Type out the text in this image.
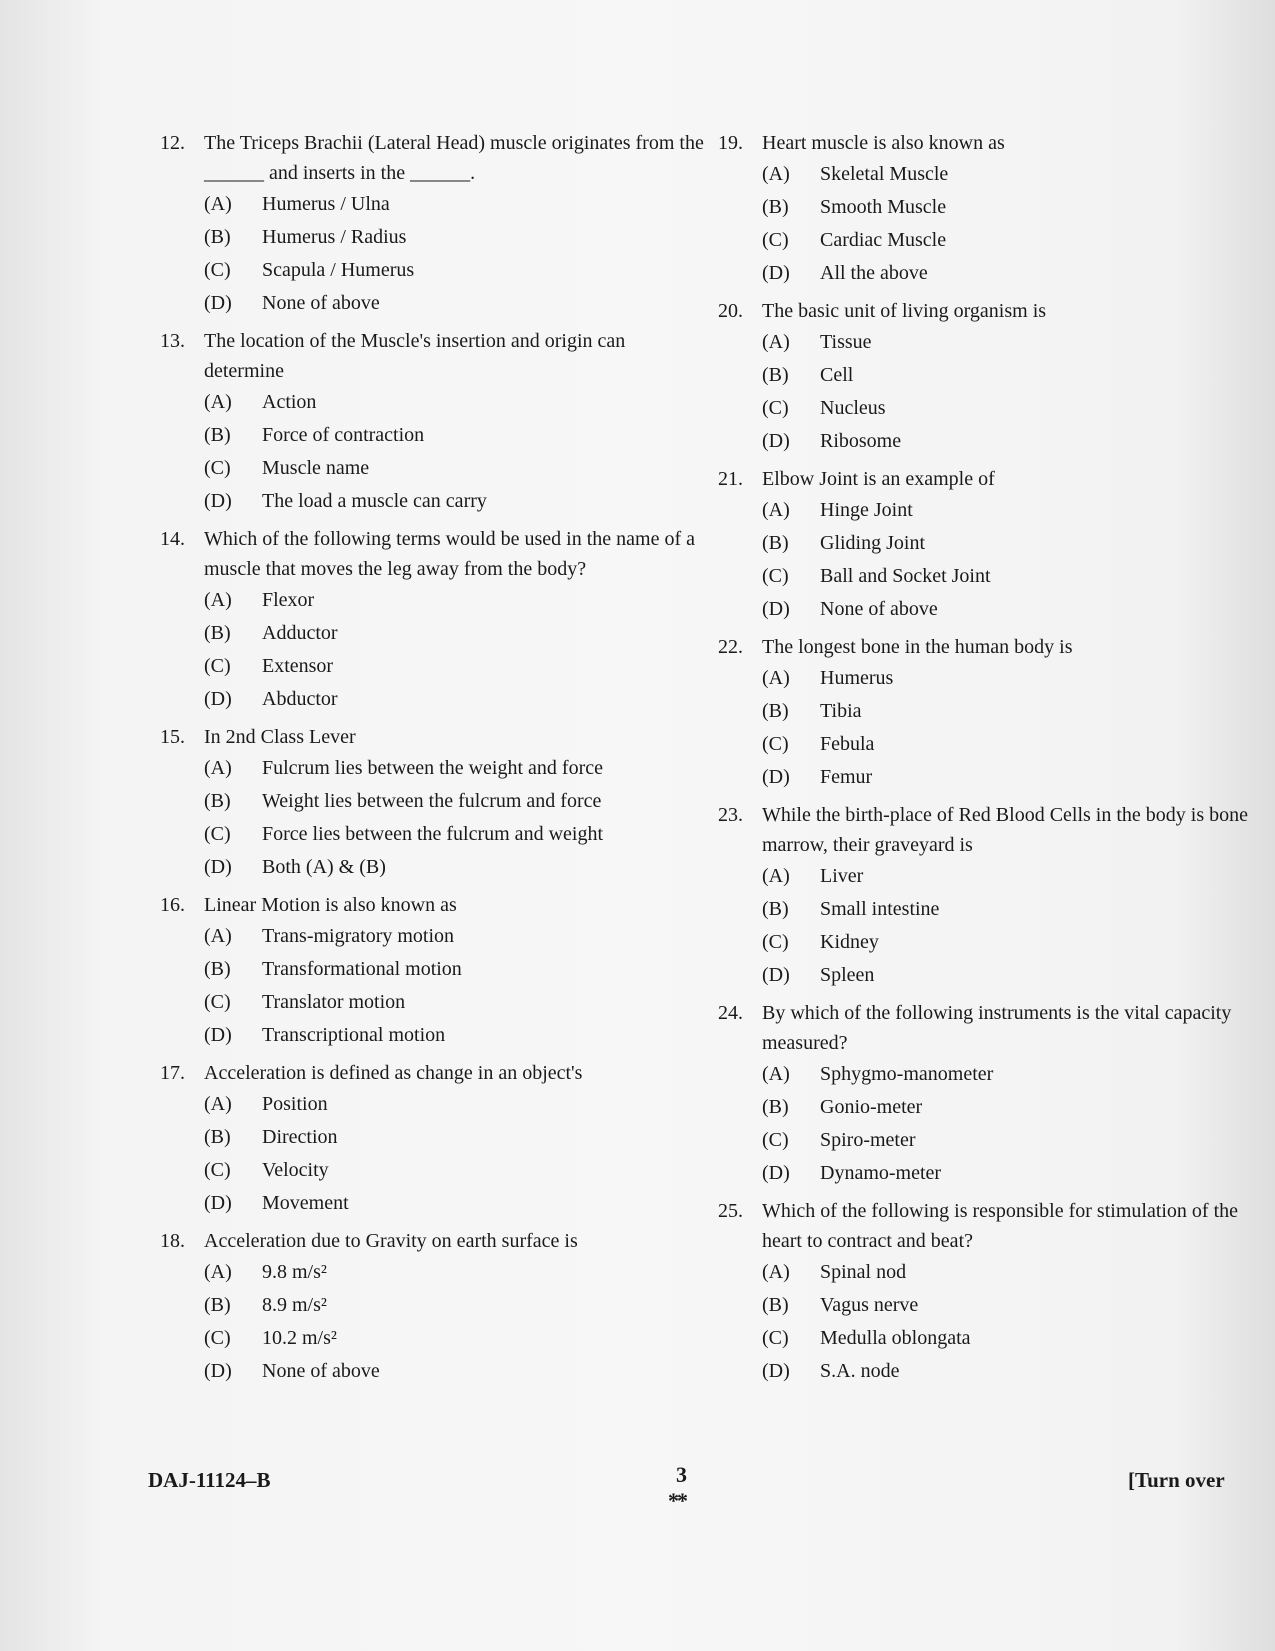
12. The Triceps Brachii (Lateral Head) muscle originates from the ______ and inserts in the ______.
(A)	Humerus / Ulna
(B)	Humerus / Radius
(C)	Scapula / Humerus
(D)	None of above
13. The location of the Muscle's insertion and origin can determine
(A)	Action
(B)	Force of contraction
(C)	Muscle name
(D)	The load a muscle can carry
14. Which of the following terms would be used in the name of a muscle that moves the leg away from the body?
(A)	Flexor
(B)	Adductor
(C)	Extensor
(D)	Abductor
15. In 2nd Class Lever
(A)	Fulcrum lies between the weight and force
(B)	Weight lies between the fulcrum and force
(C)	Force lies between the fulcrum and weight
(D)	Both (A) & (B)
16. Linear Motion is also known as
(A)	Trans-migratory motion
(B)	Transformational motion
(C)	Translator motion
(D)	Transcriptional motion
17. Acceleration is defined as change in an object's
(A)	Position
(B)	Direction
(C)	Velocity
(D)	Movement
18. Acceleration due to Gravity on earth surface is
(A)	9.8 m/s²
(B)	8.9 m/s²
(C)	10.2 m/s²
(D)	None of above
19. Heart muscle is also known as
(A)	Skeletal Muscle
(B)	Smooth Muscle
(C)	Cardiac Muscle
(D)	All the above
20. The basic unit of living organism is
(A)	Tissue
(B)	Cell
(C)	Nucleus
(D)	Ribosome
21. Elbow Joint is an example of
(A)	Hinge Joint
(B)	Gliding Joint
(C)	Ball and Socket Joint
(D)	None of above
22. The longest bone in the human body is
(A)	Humerus
(B)	Tibia
(C)	Febula
(D)	Femur
23. While the birth-place of Red Blood Cells in the body is bone marrow, their graveyard is
(A)	Liver
(B)	Small intestine
(C)	Kidney
(D)	Spleen
24. By which of the following instruments is the vital capacity measured?
(A)	Sphygmo-manometer
(B)	Gonio-meter
(C)	Spiro-meter
(D)	Dynamo-meter
25. Which of the following is responsible for stimulation of the heart to contract and beat?
(A)	Spinal nod
(B)	Vagus nerve
(C)	Medulla oblongata
(D)	S.A. node
DAJ-11124–B	3
**
[Turn over
